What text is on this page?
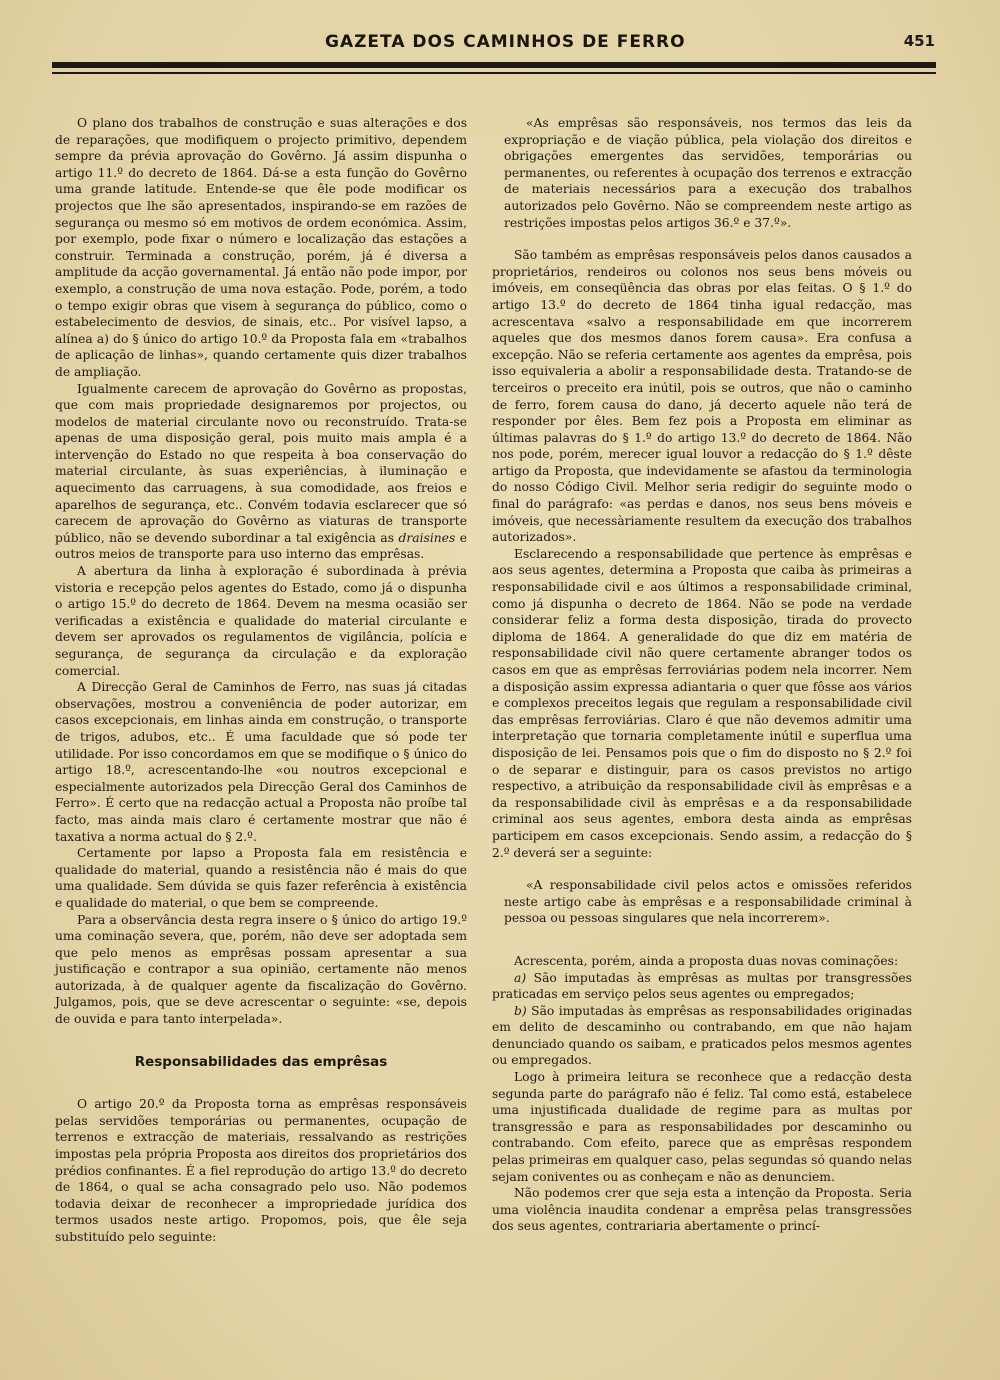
GAZETA DOS CAMINHOS DE FERRO	451

O plano dos trabalhos de construção e suas alterações e dos de reparações, que modifiquem o projecto primitivo, dependem sempre da prévia aprovação do Govêrno. Já assim dispunha o artigo 11.º do decreto de 1864. Dá-se a esta função do Govêrno uma grande latitude. Entende-se que êle pode modificar os projectos que lhe são apresentados, inspirando-se em razões de segurança ou mesmo só em motivos de ordem económica. Assim, por exemplo, pode fixar o número e localização das estações a construir. Terminada a construção, porém, já é diversa a amplitude da acção governamental. Já então não pode impor, por exemplo, a construção de uma nova estação. Pode, porém, a todo o tempo exigir obras que visem à segurança do público, como o estabelecimento de desvios, de sinais, etc.. Por visível lapso, a alínea a) do § único do artigo 10.º da Proposta fala em «trabalhos de aplicação de linhas», quando certamente quis dizer trabalhos de ampliação.

Igualmente carecem de aprovação do Govêrno as propostas, que com mais propriedade designaremos por projectos, ou modelos de material circulante novo ou reconstruído. Trata-se apenas de uma disposição geral, pois muito mais ampla é a intervenção do Estado no que respeita à boa conservação do material circulante, às suas experiências, à iluminação e aquecimento das carruagens, à sua comodidade, aos freios e aparelhos de segurança, etc.. Convém todavia esclarecer que só carecem de aprovação do Govêrno as viaturas de transporte público, não se devendo subordinar a tal exigência as draisines e outros meios de transporte para uso interno das emprêsas.

A abertura da linha à exploração é subordinada à prévia vistoria e recepção pelos agentes do Estado, como já o dispunha o artigo 15.º do decreto de 1864. Devem na mesma ocasião ser verificadas a existência e qualidade do material circulante e devem ser aprovados os regulamentos de vigilância, polícia e segurança, de segurança da circulação e da exploração comercial.

A Direcção Geral de Caminhos de Ferro, nas suas já citadas observações, mostrou a conveniência de poder autorizar, em casos excepcionais, em linhas ainda em construção, o transporte de trigos, adubos, etc.. É uma faculdade que só pode ter utilidade. Por isso concordamos em que se modifique o § único do artigo 18.º, acrescentando-lhe «ou noutros excepcional e especialmente autorizados pela Direcção Geral dos Caminhos de Ferro». É certo que na redacção actual a Proposta não proíbe tal facto, mas ainda mais claro é certamente mostrar que não é taxativa a norma actual do § 2.º.

Certamente por lapso a Proposta fala em resistência e qualidade do material, quando a resistência não é mais do que uma qualidade. Sem dúvida se quis fazer referência à existência e qualidade do material, o que bem se compreende.

Para a observância desta regra insere o § único do artigo 19.º uma cominação severa, que, porém, não deve ser adoptada sem que pelo menos as emprêsas possam apresentar a sua justificação e contrapor a sua opinião, certamente não menos autorizada, à de qualquer agente da fiscalização do Govêrno. Julgamos, pois, que se deve acrescentar o seguinte: «se, depois de ouvida e para tanto interpelada».

Responsabilidades das emprêsas

O artigo 20.º da Proposta torna as emprêsas responsáveis pelas servidões temporárias ou permanentes, ocupação de terrenos e extracção de materiais, ressalvando as restrições impostas pela própria Proposta aos direitos dos proprietários dos prédios confinantes. É a fiel reprodução do artigo 13.º do decreto de 1864, o qual se acha consagrado pelo uso. Não podemos todavia deixar de reconhecer a impropriedade jurídica dos termos usados neste artigo. Propomos, pois, que êle seja substituído pelo seguinte:

«As emprêsas são responsáveis, nos termos das leis da expropriação e de viação pública, pela violação dos direitos e obrigações emergentes das servidões, temporárias ou permanentes, ou referentes à ocupação dos terrenos e extracção de materiais necessários para a execução dos trabalhos autorizados pelo Govêrno. Não se compreendem neste artigo as restrições impostas pelos artigos 36.º e 37.º».

São também as emprêsas responsáveis pelos danos causados a proprietários, rendeiros ou colonos nos seus bens móveis ou imóveis, em conseqüência das obras por elas feitas. O § 1.º do artigo 13.º do decreto de 1864 tinha igual redacção, mas acrescentava «salvo a responsabilidade em que incorrerem aqueles que dos mesmos danos forem causa». Era confusa a excepção. Não se referia certamente aos agentes da emprêsa, pois isso equivaleria a abolir a responsabilidade desta. Tratando-se de terceiros o preceito era inútil, pois se outros, que não o caminho de ferro, forem causa do dano, já decerto aquele não terá de responder por êles. Bem fez pois a Proposta em eliminar as últimas palavras do § 1.º do artigo 13.º do decreto de 1864. Não nos pode, porém, merecer igual louvor a redacção do § 1.º dêste artigo da Proposta, que indevidamente se afastou da terminologia do nosso Código Civil. Melhor seria redigir do seguinte modo o final do parágrafo: «as perdas e danos, nos seus bens móveis e imóveis, que necessàriamente resultem da execução dos trabalhos autorizados».

Esclarecendo a responsabilidade que pertence às emprêsas e aos seus agentes, determina a Proposta que caiba às primeiras a responsabilidade civil e aos últimos a responsabilidade criminal, como já dispunha o decreto de 1864. Não se pode na verdade considerar feliz a forma desta disposição, tirada do provecto diploma de 1864. A generalidade do que diz em matéria de responsabilidade civil não quere certamente abranger todos os casos em que as emprêsas ferroviárias podem nela incorrer. Nem a disposição assim expressa adiantaria o quer que fôsse aos vários e complexos preceitos legais que regulam a responsabilidade civil das emprêsas ferroviárias. Claro é que não devemos admitir uma interpretação que tornaria completamente inútil e superflua uma disposição de lei. Pensamos pois que o fim do disposto no § 2.º foi o de separar e distinguir, para os casos previstos no artigo respectivo, a atribuição da responsabilidade civil às emprêsas e a da responsabilidade civil às emprêsas e a da responsabilidade criminal aos seus agentes, embora desta ainda as emprêsas participem em casos excepcionais. Sendo assim, a redacção do § 2.º deverá ser a seguinte:

«A responsabilidade civil pelos actos e omissões referidos neste artigo cabe às emprêsas e a responsabilidade criminal à pessoa ou pessoas singulares que nela incorrerem».

Acrescenta, porém, ainda a proposta duas novas cominações:

a) São imputadas às emprêsas as multas por transgressões praticadas em serviço pelos seus agentes ou empregados;

b) São imputadas às emprêsas as responsabilidades originadas em delito de descaminho ou contrabando, em que não hajam denunciado quando os saibam, e praticados pelos mesmos agentes ou empregados.

Logo à primeira leitura se reconhece que a redacção desta segunda parte do parágrafo não é feliz. Tal como está, estabelece uma injustificada dualidade de regime para as multas por transgressão e para as responsabilidades por descaminho ou contrabando. Com efeito, parece que as emprêsas respondem pelas primeiras em qualquer caso, pelas segundas só quando nelas sejam coniventes ou as conheçam e não as denunciem.

Não podemos crer que seja esta a intenção da Proposta. Seria uma violência inaudita condenar a emprêsa pelas transgressões dos seus agentes, contrariaria abertamente o princí-
